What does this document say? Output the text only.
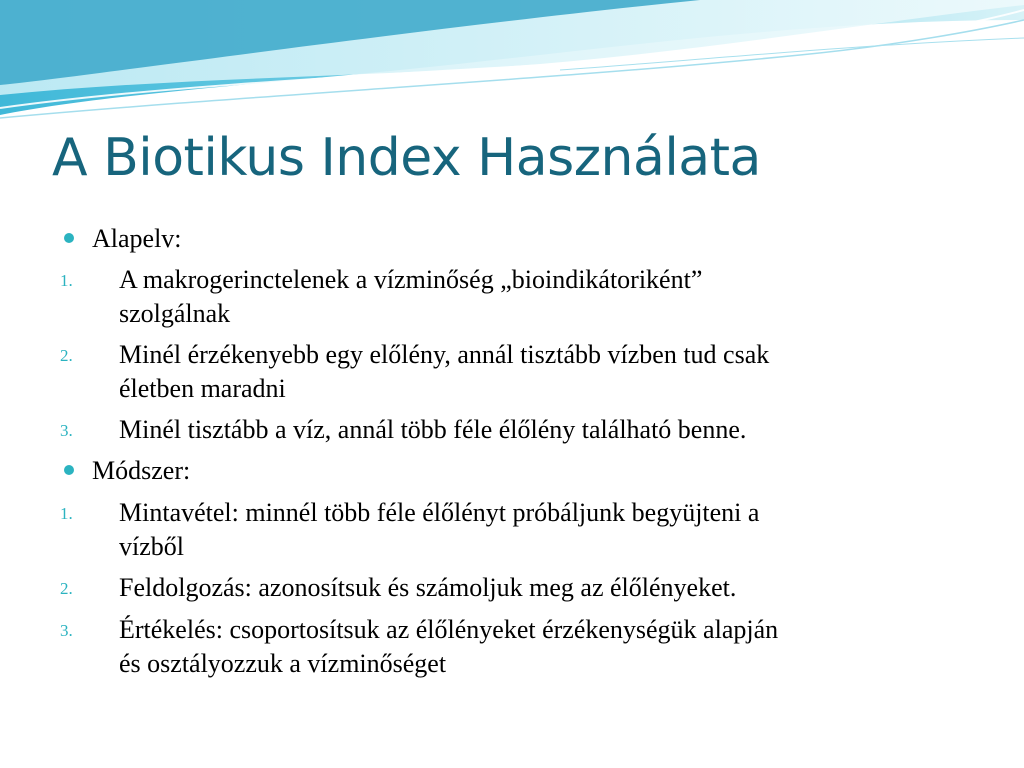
A Biotikus Index Használata
Alapelv:
1. A makrogerinctelenek a vízminőség „bioindikátoriként”
szolgálnak
2. Minél érzékenyebb egy előlény, annál tisztább vízben tud csak
életben maradni
3. Minél tisztább a víz, annál több féle élőlény található benne.
Módszer:
1. Mintavétel: minnél több féle élőlényt próbáljunk begyüjteni a
vízből
2. Feldolgozás: azonosítsuk és számoljuk meg az élőlényeket.
3. Értékelés: csoportosítsuk az élőlényeket érzékenységük alapján
és osztályozzuk a vízminőséget
